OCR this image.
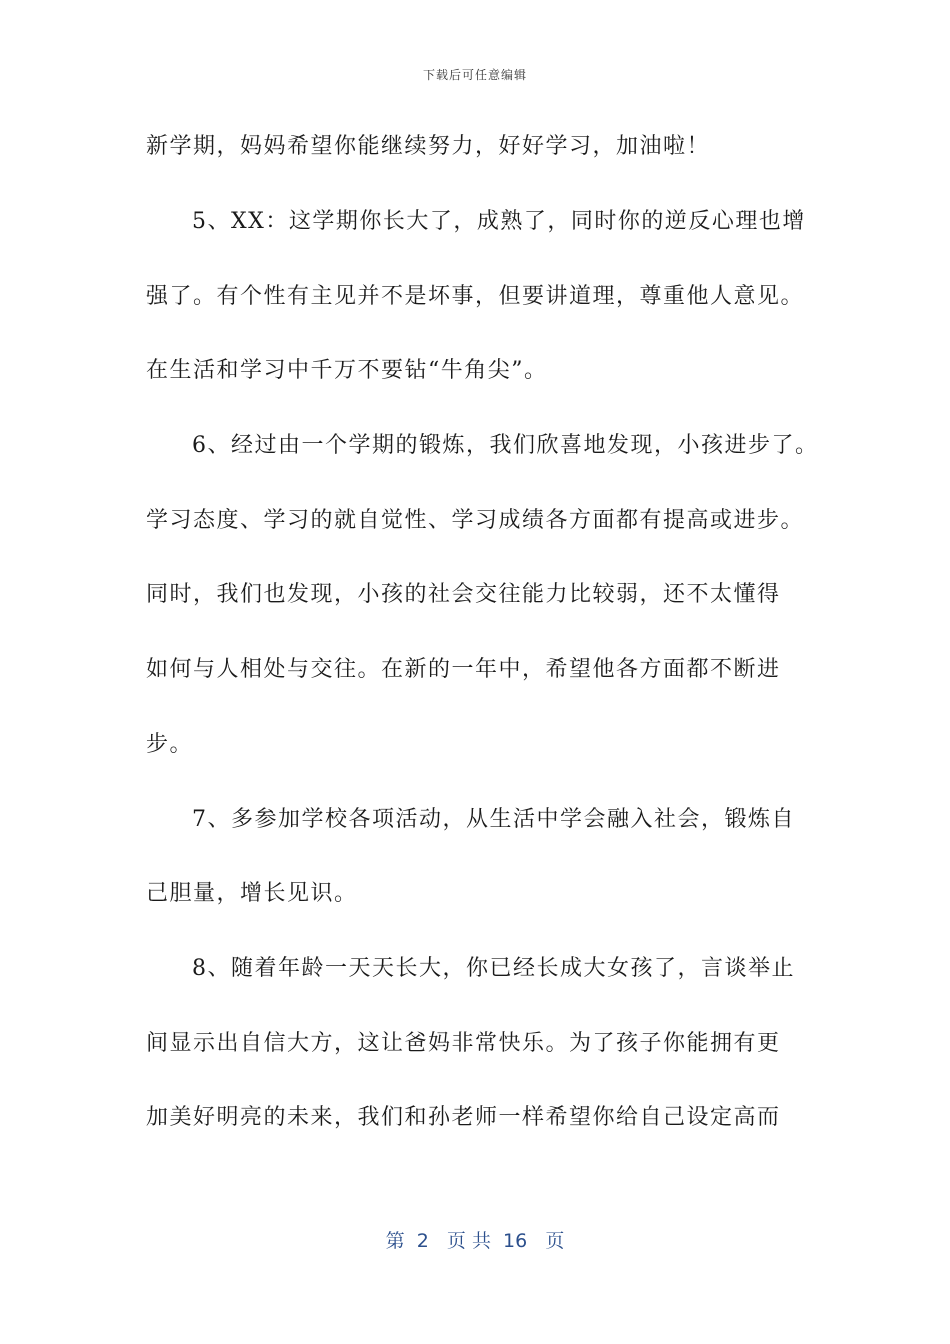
下载后可任意编辑
新学期，妈妈希望你能继续努力，好好学习，加油啦！
5、XX：这学期你长大了，成熟了，同时你的逆反心理也增
强了。有个性有主见并不是坏事，但要讲道理，尊重他人意见。
在生活和学习中千万不要钻“牛角尖”。
6、经过由一个学期的锻炼，我们欣喜地发现，小孩进步了。
学习态度、学习的就自觉性、学习成绩各方面都有提高或进步。
同时，我们也发现，小孩的社会交往能力比较弱，还不太懂得
如何与人相处与交往。在新的一年中，希望他各方面都不断进
步。
7、多参加学校各项活动，从生活中学会融入社会，锻炼自
己胆量，增长见识。
8、随着年龄一天天长大，你已经长成大女孩了，言谈举止
间显示出自信大方，这让爸妈非常快乐。为了孩子你能拥有更
加美好明亮的未来，我们和孙老师一样希望你给自己设定高而
第  2   页 共  16   页
